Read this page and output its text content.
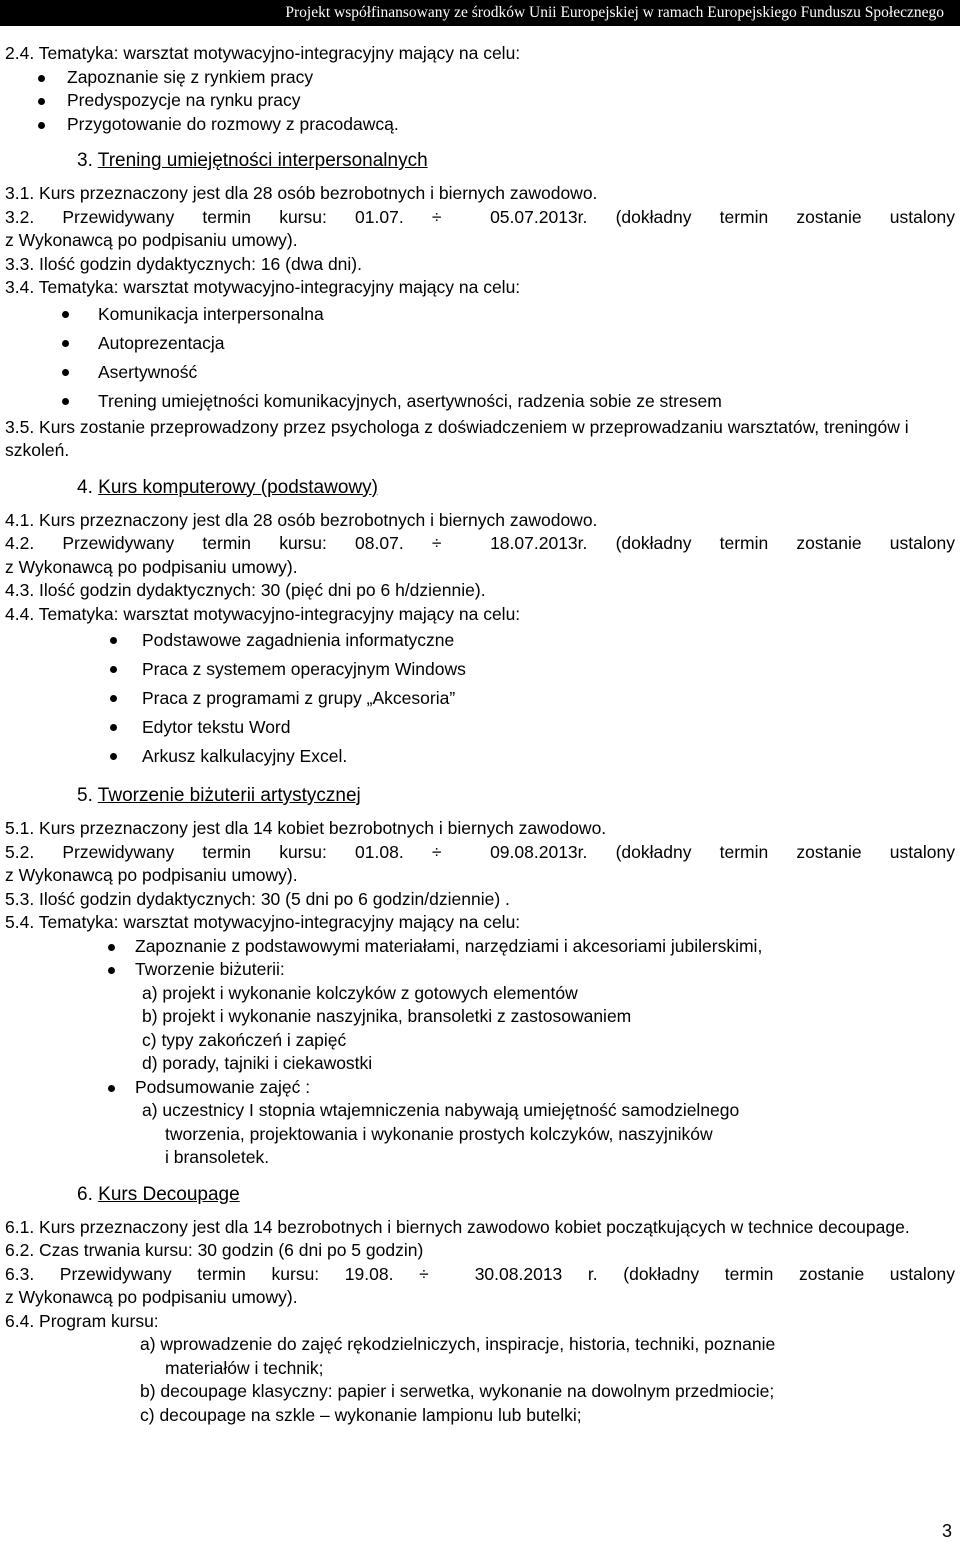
Projekt współfinansowany ze środków Unii Europejskiej w ramach Europejskiego Funduszu Społecznego

2.4. Tematyka: warsztat motywacyjno-integracyjny mający na celu:

Zapoznanie się z rynkiem pracy

Predyspozycje na rynku pracy

Przygotowanie do rozmowy z pracodawcą.

3. Trening umiejętności interpersonalnych

3.1. Kurs przeznaczony jest dla 28 osób bezrobotnych i biernych zawodowo.

3.2. Przewidywany termin kursu: 01.07. ÷	05.07.2013r. (dokładny termin zostanie ustalony

z Wykonawcą po podpisaniu umowy).

3.3. Ilość godzin dydaktycznych: 16 (dwa dni).

3.4. Tematyka: warsztat motywacyjno-integracyjny mający na celu:

Komunikacja interpersonalna

Autoprezentacja

Asertywność

Trening umiejętności komunikacyjnych, asertywności, radzenia sobie ze stresem

3.5. Kurs zostanie przeprowadzony przez psychologa z doświadczeniem w przeprowadzaniu warsztatów, treningów i szkoleń.

4. Kurs komputerowy (podstawowy)

4.1. Kurs przeznaczony jest dla 28 osób bezrobotnych i biernych zawodowo.

4.2. Przewidywany termin kursu: 08.07. ÷	18.07.2013r. (dokładny termin zostanie ustalony

z Wykonawcą po podpisaniu umowy).

4.3. Ilość godzin dydaktycznych: 30 (pięć dni po 6 h/dziennie).

4.4. Tematyka: warsztat motywacyjno-integracyjny mający na celu:

Podstawowe zagadnienia informatyczne

Praca z systemem operacyjnym Windows

Praca z programami z grupy „Akcesoria”

Edytor tekstu Word

Arkusz kalkulacyjny Excel.

5. Tworzenie biżuterii artystycznej

5.1. Kurs przeznaczony jest dla 14 kobiet bezrobotnych i biernych zawodowo.

5.2. Przewidywany termin kursu: 01.08. ÷	09.08.2013r. (dokładny termin zostanie ustalony

z Wykonawcą po podpisaniu umowy).

5.3. Ilość godzin dydaktycznych: 30 (5 dni po 6 godzin/dziennie) .

5.4. Tematyka: warsztat motywacyjno-integracyjny mający na celu:

Zapoznanie z podstawowymi materiałami, narzędziami i akcesoriami jubilerskimi,

Tworzenie biżuterii:

a) projekt i wykonanie kolczyków z gotowych elementów

b) projekt i wykonanie naszyjnika, bransoletki z zastosowaniem

c) typy zakończeń i zapięć

d) porady, tajniki i ciekawostki

Podsumowanie zajęć :

a) uczestnicy I stopnia wtajemniczenia nabywają umiejętność samodzielnego

tworzenia, projektowania i wykonanie prostych kolczyków, naszyjników

i bransoletek.

6. Kurs Decoupage

6.1. Kurs przeznaczony jest dla 14 bezrobotnych i biernych zawodowo kobiet początkujących w technice decoupage.

6.2. Czas trwania kursu: 30 godzin (6 dni po 5 godzin)

6.3. Przewidywany termin kursu: 19.08. ÷	30.08.2013 r. (dokładny termin zostanie ustalony

z Wykonawcą po podpisaniu umowy).

6.4. Program kursu:

a) wprowadzenie do zajęć rękodzielniczych, inspiracje, historia, techniki, poznanie

materiałów i technik;

b) decoupage klasyczny: papier i serwetka, wykonanie na dowolnym przedmiocie;

c) decoupage na szkle – wykonanie lampionu lub butelki;

3
